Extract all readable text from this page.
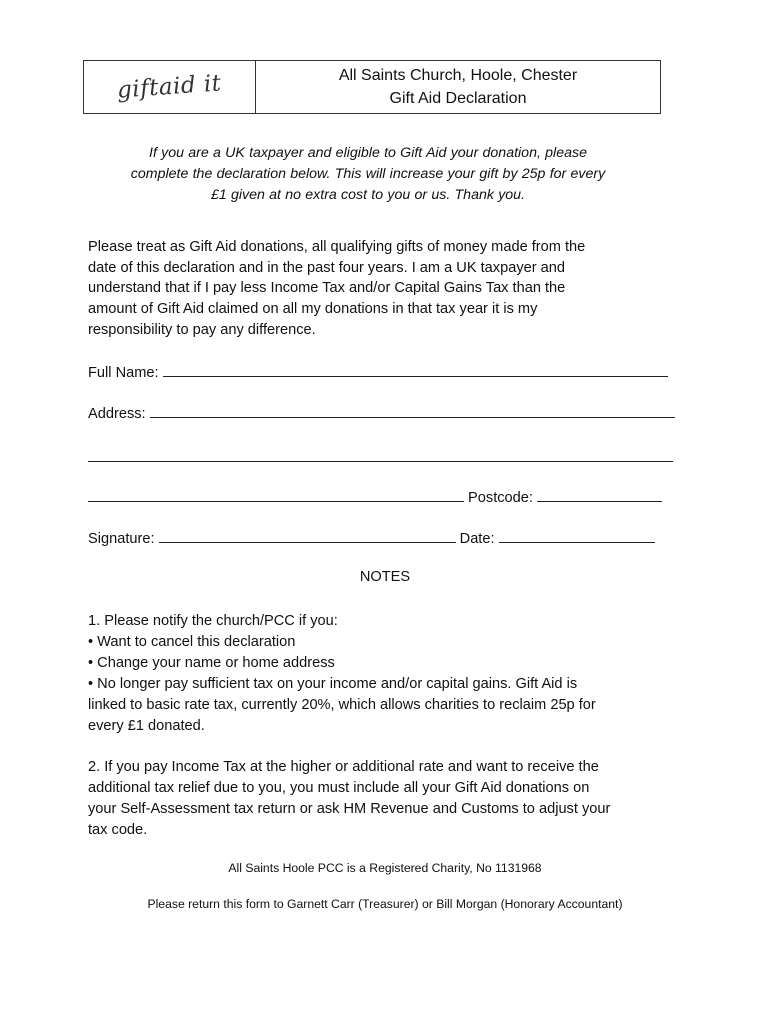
giftaid it	All Saints Church, Hoole, Chester
Gift Aid Declaration
If you are a UK taxpayer and eligible to Gift Aid your donation, please
complete the declaration below. This will increase your gift by 25p for every
£1 given at no extra cost to you or us. Thank you.
Please treat as Gift Aid donations, all qualifying gifts of money made from the
date of this declaration and in the past four years. I am a UK taxpayer and
understand that if I pay less Income Tax and/or Capital Gains Tax than the
amount of Gift Aid claimed on all my donations in that tax year it is my
responsibility to pay any difference.
Full Name:
Address:
Postcode:
Signature:	Date:
NOTES

1. Please notify the church/PCC if you:

• Want to cancel this declaration

• Change your name or home address

• No longer pay sufficient tax on your income and/or capital gains. Gift Aid is

linked to basic rate tax, currently 20%, which allows charities to reclaim 25p for

every £1 donated.

2. If you pay Income Tax at the higher or additional rate and want to receive the
additional tax relief due to you, you must include all your Gift Aid donations on
your Self-Assessment tax return or ask HM Revenue and Customs to adjust your
tax code.
All Saints Hoole PCC is a Registered Charity, No 1131968
Please return this form to Garnett Carr (Treasurer) or Bill Morgan (Honorary Accountant)
